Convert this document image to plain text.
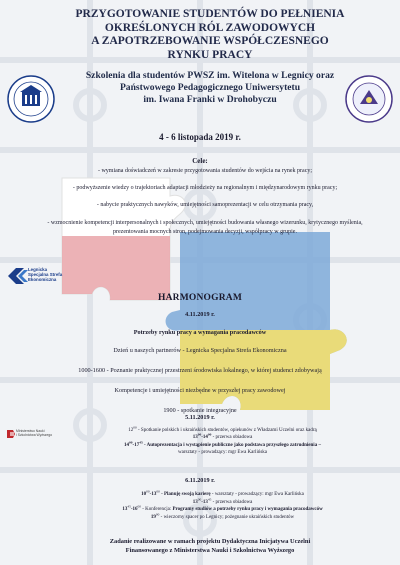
PRZYGOTOWANIE STUDENTÓW DO PEŁNIENIA
OKREŚLONYCH RÓL ZAWODOWYCH
A ZAPOTRZEBOWANIE WSPÓŁCZESNEGO
RYNKU PRACY
Szkolenia dla studentów PWSZ im. Witelona w Legnicy oraz
Państwowego Pedagogicznego Uniwersytetu
im. Iwana Franki w Drohobyczu
4 - 6 listopada 2019 r.
Cele:
- wymiana doświadczeń w zakresie przygotowania studentów do wejścia na rynek pracy;
- podwyższenie wiedzy o trajektoriach adaptacji młodzieży na regionalnym i międzynarodowym rynku pracy;
- nabycie praktycznych nawyków, umiejętności samoprezentacji w celu otrzymania pracy,
- wzmocnienie kompetencji interpersonalnych i społecznych, umiejętności budowania własnego wizerunku, krytycznego myślenia, prezentowania mocnych stron, podejmowania decyzji, współpracy w grupie.
Legnicka
Specjalna Strefa
Ekonomiczna
HARMONOGRAM
4.11.2019 r.
Potrzeby rynku pracy a wymagania pracodawców
Dzień u naszych partnerów - Legnicka Specjalna Strefa Ekonomiczna
1000-1600 - Poznanie praktycznej przestrzeni środowiska lokalnego, w której studenci zdobywają
Kompetencje i umiejętności niezbędne w przyszłej pracy zawodowej
1900 - spotkanie integracyjne
Ministerstwo Nauki
i Szkolnictwa Wyższego
5.11.2019 r.
$12^{00}$ - Spotkanie polskich i ukraińskich studentów, opiekunów z Władzami Uczelni oraz kadrą
$13^{00}-14^{00}$ - przerwa obiadowa
$14^{00}-17^{45}$ - Autoprezentacja i wystąpienie publiczne jako podstawa przyszłego zatrudnienia –
warsztaty - prowadzący: mgr Ewa Karlińska
6.11.2019 r.
$10^{00}-13^{00}$ - Planuję swoją karierę - warsztaty - prowadzący: mgr Ewa Karlińska
$13^{00}-13^{45}$ - przerwa obiadowa
$13^{45}-16^{00}$ - Konferencja: Programy studiów a potrzeby rynku pracy i wymagania pracodawców
$19^{00}$ - wieczorny spacer po Legnicy; pożegnanie ukraińskich studentów
Zadanie realizowane w ramach projektu Dydaktyczna Inicjatywa Uczelni
Finansowanego z Ministerstwa Nauki i Szkolnictwa Wyższego
